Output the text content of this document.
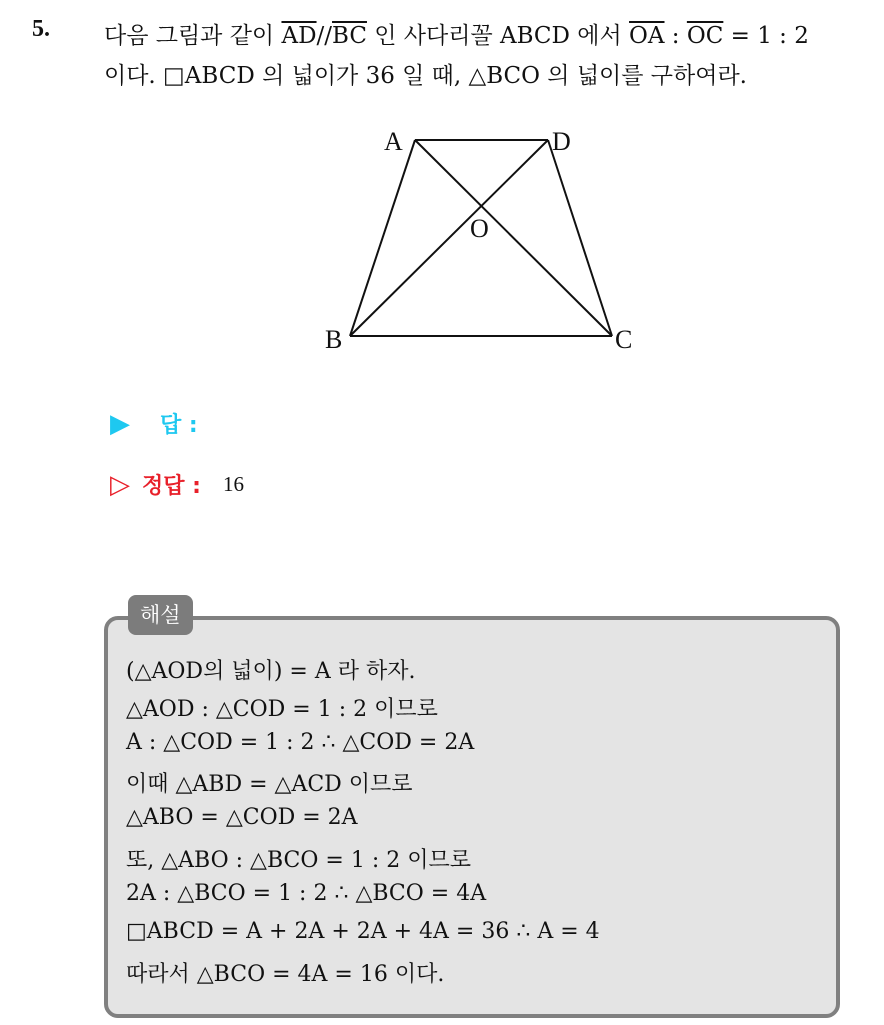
5. 다음 그림과 같이 $\overline{AD}//\overline{BC}$ 인 사다리꼴 ABCD 에서 $\overline{OA}$ : $\overline{OC} = 1$ : 2
이다. □ABCD 의 넓이가 36 일 때, △BCO 의 넓이를 구하여라.
A	D
O
B	C
▶ 답 :
▷ 정답 : 16
해설
(△AOD의 넓이) = A 라 하자.
△AOD : △COD = 1 : 2 이므로
A : △COD = 1 : 2 ∴ △COD = 2A
이때 △ABD = △ACD 이므로
△ABO = △COD = 2A
또, △ABO : △BCO = 1 : 2 이므로
2A : △BCO = 1 : 2 ∴ △BCO = 4A
□ABCD = A + 2A + 2A + 4A = 36 ∴ A = 4
따라서 △BCO = 4A = 16 이다.
